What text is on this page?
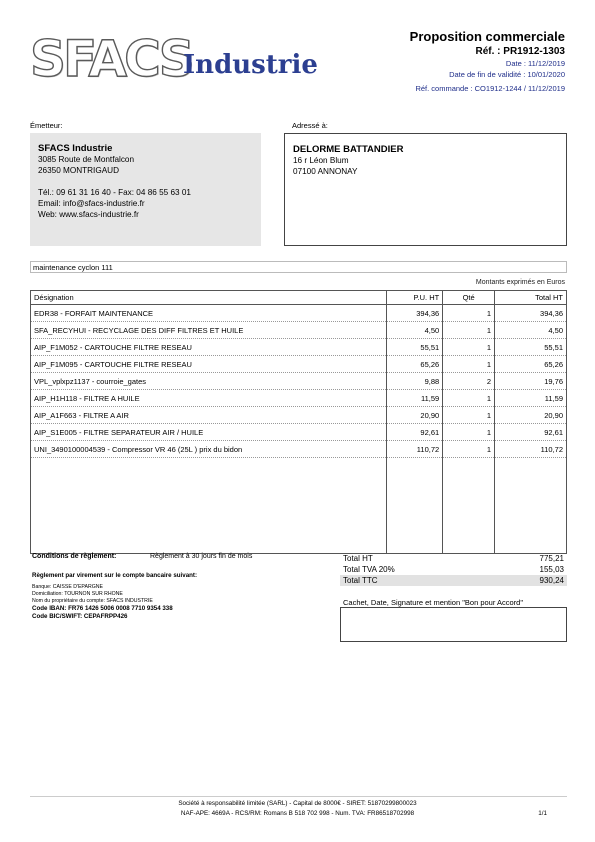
SFACS
Industrie
Proposition commerciale
Réf. : PR1912-1303
Date : 11/12/2019
Date de fin de validité : 10/01/2020
Réf. commande : CO1912-1244 / 11/12/2019
Émetteur:	Adressé à:
SFACS Industrie
3085 Route de Montfalcon
26350 MONTRIGAUD
Tél.: 09 61 31 16 40 - Fax: 04 86 55 63 01
Email: info@sfacs-industrie.fr
Web: www.sfacs-industrie.fr
DELORME BATTANDIER
16 r Léon Blum
07100 ANNONAY
maintenance cyclon 111
Montants exprimés en Euros
Désignation	P.U. HT	Qté	Total HT
EDR38 - FORFAIT MAINTENANCE	394,36	1	394,36
SFA_RECYHUI - RECYCLAGE DES DIFF FILTRES ET HUILE	4,50	1	4,50
AIP_F1M052 - CARTOUCHE FILTRE RESEAU	55,51	1	55,51
AIP_F1M095 - CARTOUCHE FILTRE RESEAU	65,26	1	65,26
VPL_vplxpz1137 - courroie_gates	9,88	2	19,76
AIP_H1H118 - FILTRE A HUILE	11,59	1	11,59
AIP_A1F663 - FILTRE A AIR	20,90	1	20,90
AIP_S1E005 - FILTRE SEPARATEUR AIR / HUILE	92,61	1	92,61
UNI_3490100004539 - Compressor VR 46 (25L ) prix du bidon	110,72	1	110,72

Conditions de règlement:	Règlement à 30 jours fin de mois
Règlement par virement sur le compte bancaire suivant:
Banque: CAISSE D'EPARGNE
Domiciliation: TOURNON SUR RHONE
Nom du propriétaire du compte: SFACS INDUSTRIE
Code IBAN: FR76 1426 5006 0008 7710 9354 338
Code BIC/SWIFT: CEPAFRPP426
Total HT	775,21
Total TVA 20%	155,03
Total TTC	930,24
Cachet, Date, Signature et mention "Bon pour Accord"
Société à responsabilité limitée (SARL) - Capital de 8000€ - SIRET: 51870299800023
NAF-APE: 4669A - RCS/RM: Romans B 518 702 998 - Num. TVA: FR86518702998	1/1
